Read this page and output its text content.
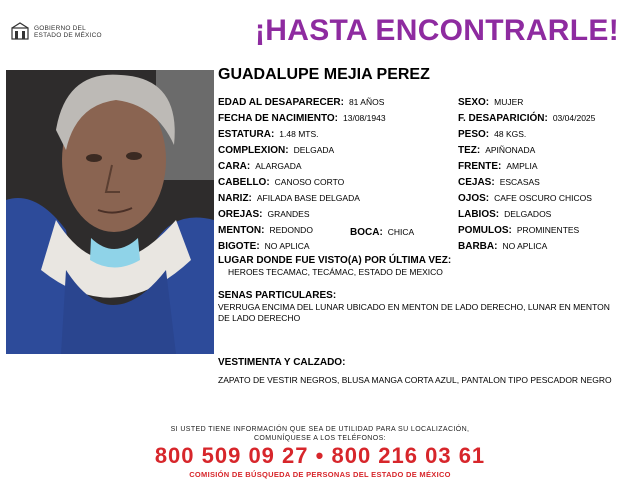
GOBIERNO DEL
ESTADO DE MÉXICO	¡HASTA ENCONTRARLE!
GUADALUPE MEJIA PEREZ
EDAD AL DESAPARECER: 81 AÑOS
FECHA DE NACIMIENTO: 13/08/1943
ESTATURA: 1.48 MTS.
COMPLEXION: DELGADA
CARA: ALARGADA
CABELLO: CANOSO CORTO
NARIZ: AFILADA BASE DELGADA
OREJAS: GRANDES
MENTON: REDONDO	BOCA: CHICA
BIGOTE: NO APLICA
SEXO: MUJER
F. DESAPARICIÓN: 03/04/2025
PESO: 48 KGS.
TEZ: APIÑONADA
FRENTE: AMPLIA
CEJAS: ESCASAS
OJOS: CAFE OSCURO CHICOS
LABIOS: DELGADOS
POMULOS: PROMINENTES
BARBA: NO APLICA
LUGAR DONDE FUE VISTO(A) POR ÚLTIMA VEZ:
HEROES TECAMAC, TECÁMAC, ESTADO DE MEXICO
SENAS PARTICULARES:
VERRUGA ENCIMA DEL LUNAR UBICADO EN MENTON DE LADO DERECHO, LUNAR EN MENTON DE LADO DERECHO
VESTIMENTA Y CALZADO:
ZAPATO DE VESTIR NEGROS, BLUSA MANGA CORTA AZUL, PANTALON TIPO PESCADOR NEGRO
SI USTED TIENE INFORMACIÓN QUE SEA DE UTILIDAD PARA SU LOCALIZACIÓN,
COMUNÍQUESE A LOS TELÉFONOS:
800 509 09 27 • 800 216 03 61
COMISIÓN DE BÚSQUEDA DE PERSONAS DEL ESTADO DE MÉXICO
